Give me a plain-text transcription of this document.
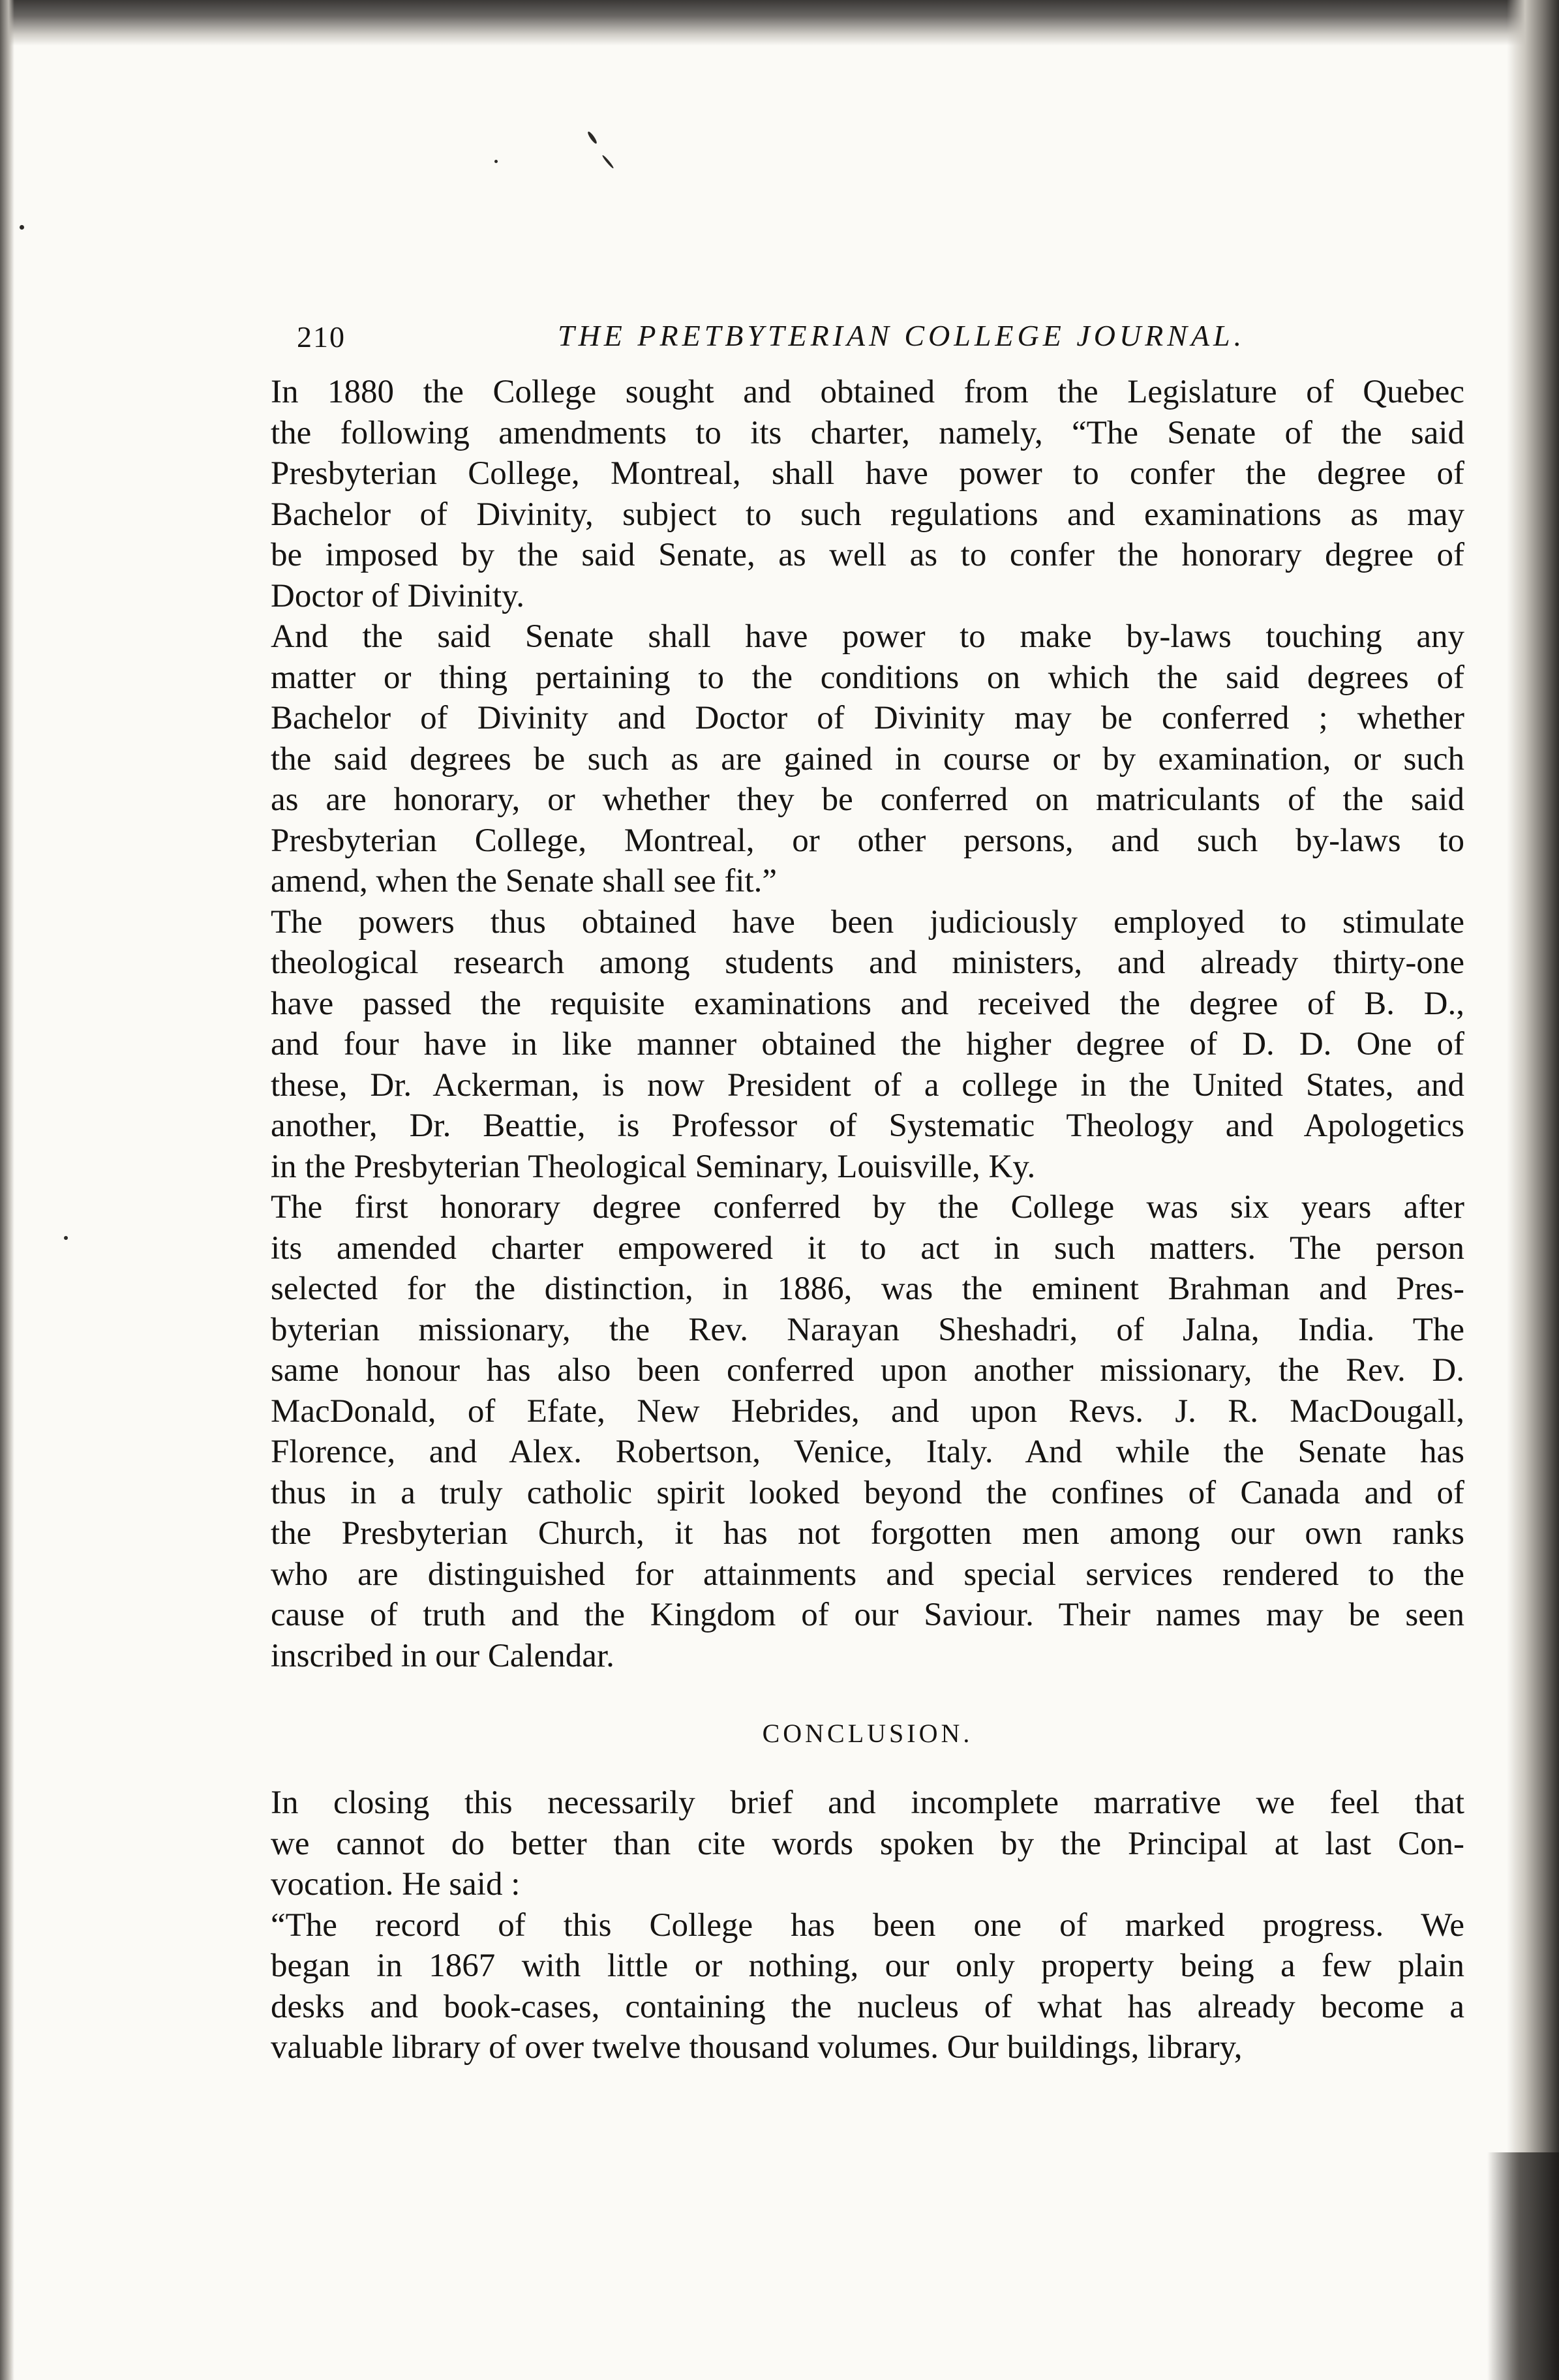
210	THE PRETBYTERIAN COLLEGE JOURNAL.
In 1880 the College sought and obtained from the Legislature of Quebec
the following amendments to its charter, namely, “The Senate of the said
Presbyterian College, Montreal, shall have power to confer the degree of
Bachelor of Divinity, subject to such regulations and examinations as may
be imposed by the said Senate, as well as to confer the honorary degree of
Doctor of Divinity.
And the said Senate shall have power to make by-laws touching any
matter or thing pertaining to the conditions on which the said degrees of
Bachelor of Divinity and Doctor of Divinity may be conferred ; whether
the said degrees be such as are gained in course or by examination, or such
as are honorary, or whether they be conferred on matriculants of the said
Presbyterian College, Montreal, or other persons, and such by-laws to
amend, when the Senate shall see fit.”
The powers thus obtained have been judiciously employed to stimulate
theological research among students and ministers, and already thirty-one
have passed the requisite examinations and received the degree of B. D.,
and four have in like manner obtained the higher degree of D. D. One of
these, Dr. Ackerman, is now President of a college in the United States, and
another, Dr. Beattie, is Professor of Systematic Theology and Apologetics
in the Presbyterian Theological Seminary, Louisville, Ky.
The first honorary degree conferred by the College was six years after
its amended charter empowered it to act in such matters. The person
selected for the distinction, in 1886, was the eminent Brahman and Pres-
byterian missionary, the Rev. Narayan Sheshadri, of Jalna, India. The
same honour has also been conferred upon another missionary, the Rev. D.
MacDonald, of Efate, New Hebrides, and upon Revs. J. R. MacDougall,
Florence, and Alex. Robertson, Venice, Italy. And while the Senate has
thus in a truly catholic spirit looked beyond the confines of Canada and of
the Presbyterian Church, it has not forgotten men among our own ranks
who are distinguished for attainments and special services rendered to the
cause of truth and the Kingdom of our Saviour. Their names may be seen
inscribed in our Calendar.
CONCLUSION.
In closing this necessarily brief and incomplete marrative we feel that
we cannot do better than cite words spoken by the Principal at last Con-
vocation. He said :
“The record of this College has been one of marked progress. We
began in 1867 with little or nothing, our only property being a few plain
desks and book-cases, containing the nucleus of what has already become a
valuable library of over twelve thousand volumes. Our buildings, library,
